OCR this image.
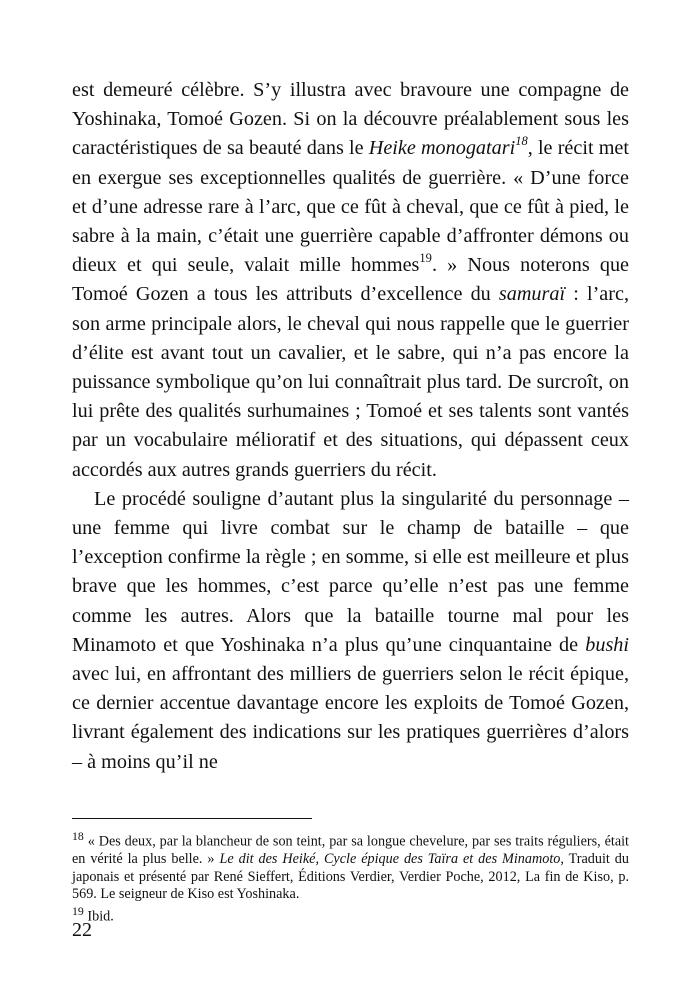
est demeuré célèbre. S’y illustra avec bravoure une compagne de Yoshinaka, Tomoé Gozen. Si on la découvre préalablement sous les caractéristiques de sa beauté dans le Heike monogatari$^{18}$, le récit met en exergue ses exceptionnelles qualités de guerrière. « D’une force et d’une adresse rare à l’arc, que ce fût à cheval, que ce fût à pied, le sabre à la main, c’était une guerrière capable d’affronter démons ou dieux et qui seule, valait mille hommes$^{19}$. » Nous noterons que Tomoé Gozen a tous les attributs d’excellence du samuraï : l’arc, son arme principale alors, le cheval qui nous rappelle que le guerrier d’élite est avant tout un cavalier, et le sabre, qui n’a pas encore la puissance symbolique qu’on lui connaîtrait plus tard. De surcroît, on lui prête des qualités surhumaines ; Tomoé et ses talents sont vantés par un vocabulaire mélioratif et des situations, qui dépassent ceux accordés aux autres grands guerriers du récit.

Le procédé souligne d’autant plus la singularité du personnage – une femme qui livre combat sur le champ de bataille – que l’exception confirme la règle ; en somme, si elle est meilleure et plus brave que les hommes, c’est parce qu’elle n’est pas une femme comme les autres. Alors que la bataille tourne mal pour les Minamoto et que Yoshinaka n’a plus qu’une cinquantaine de bushi avec lui, en affrontant des milliers de guerriers selon le récit épique, ce dernier accentue davantage encore les exploits de Tomoé Gozen, livrant également des indications sur les pratiques guerrières d’alors – à moins qu’il ne

$^{18}$ « Des deux, par la blancheur de son teint, par sa longue chevelure, par ses traits réguliers, était en vérité la plus belle. » Le dit des Heiké, Cycle épique des Taïra et des Minamoto, Traduit du japonais et présenté par René Sieffert, Éditions Verdier, Verdier Poche, 2012, La fin de Kiso, p. 569. Le seigneur de Kiso est Yoshinaka.

$^{19}$ Ibid.

22
